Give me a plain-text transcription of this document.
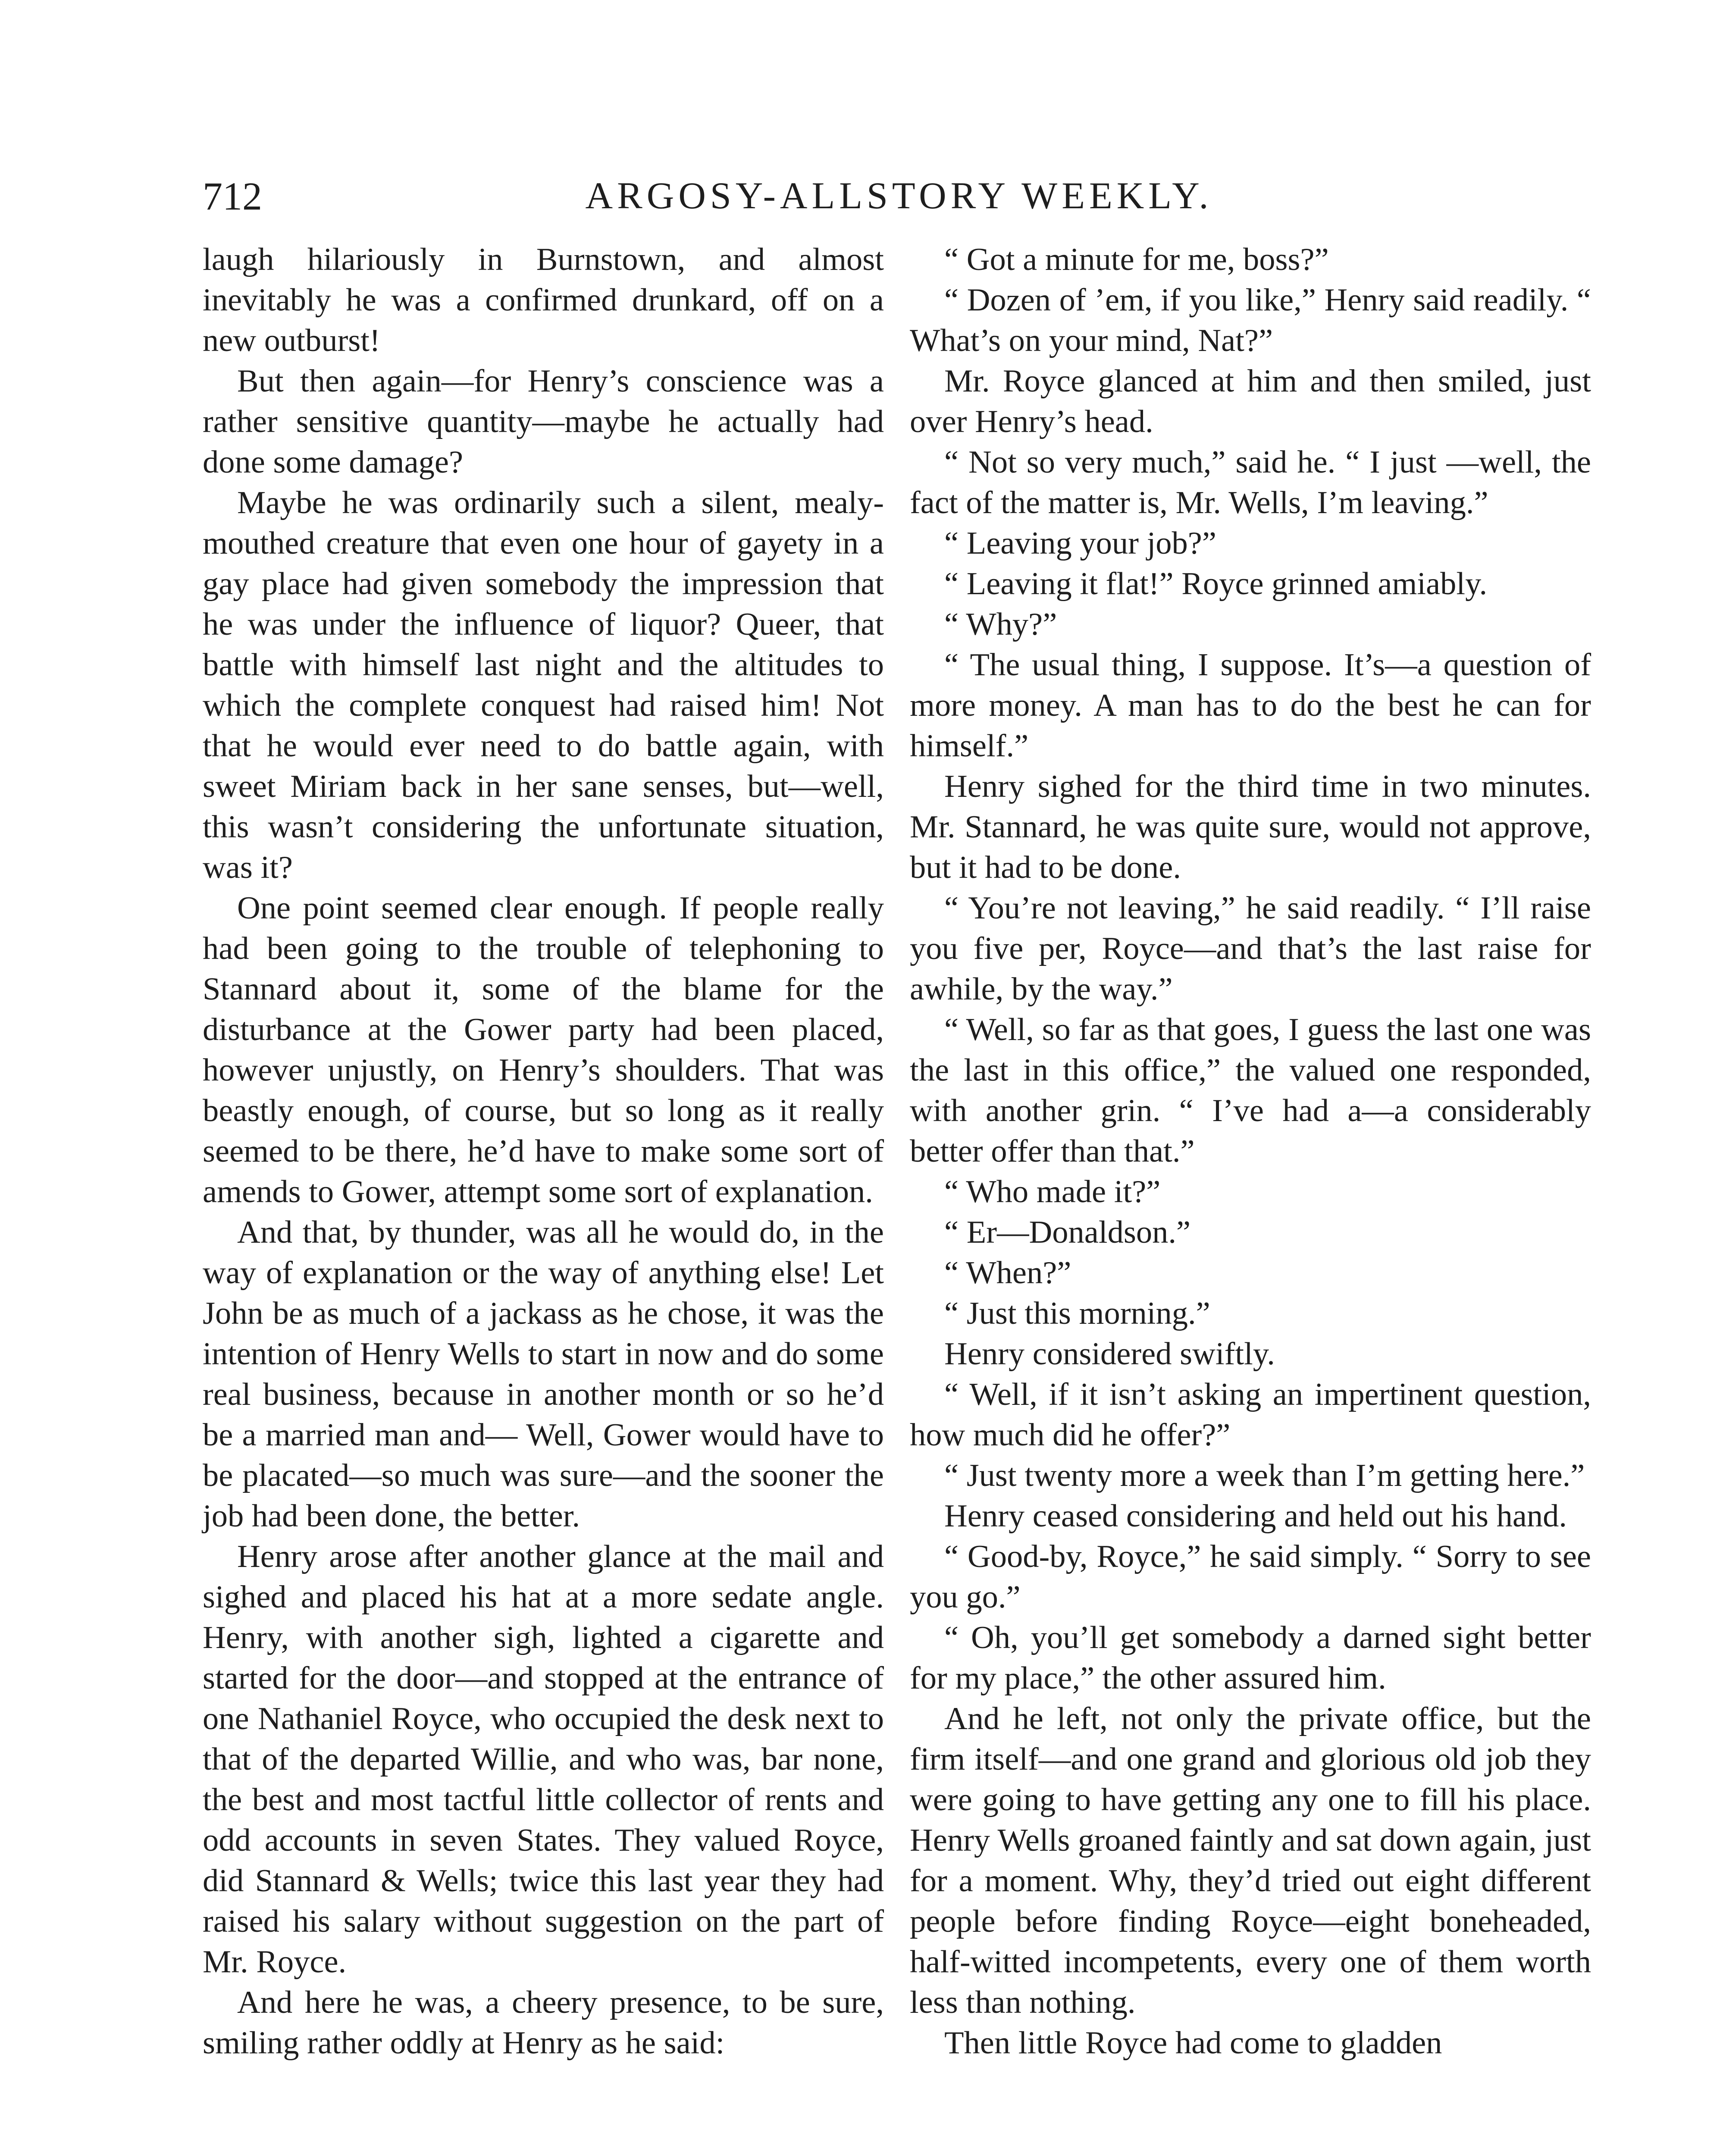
712	ARGOSY-ALLSTORY WEEKLY.

laugh hilariously in Burnstown, and almost inevitably he was a confirmed drunkard, off on a new outburst!

But then again—for Henry’s conscience was a rather sensitive quantity—maybe he actually had done some damage?

Maybe he was ordinarily such a silent, mealy-mouthed creature that even one hour of gayety in a gay place had given somebody the impression that he was under the influence of liquor? Queer, that battle with himself last night and the altitudes to which the complete conquest had raised him! Not that he would ever need to do battle again, with sweet Miriam back in her sane senses, but—well, this wasn’t considering the unfortunate situation, was it?

One point seemed clear enough. If people really had been going to the trouble of telephoning to Stannard about it, some of the blame for the disturbance at the Gower party had been placed, however unjustly, on Henry’s shoulders. That was beastly enough, of course, but so long as it really seemed to be there, he’d have to make some sort of amends to Gower, attempt some sort of explanation.

And that, by thunder, was all he would do, in the way of explanation or the way of anything else! Let John be as much of a jackass as he chose, it was the intention of Henry Wells to start in now and do some real business, because in another month or so he’d be a married man and— Well, Gower would have to be placated—so much was sure—and the sooner the job had been done, the better.

Henry arose after another glance at the mail and sighed and placed his hat at a more sedate angle. Henry, with another sigh, lighted a cigarette and started for the door—and stopped at the entrance of one Nathaniel Royce, who occupied the desk next to that of the departed Willie, and who was, bar none, the best and most tactful little collector of rents and odd accounts in seven States. They valued Royce, did Stannard & Wells; twice this last year they had raised his salary without suggestion on the part of Mr. Royce.

And here he was, a cheery presence, to be sure, smiling rather oddly at Henry as he said:

“ Got a minute for me, boss?”

“ Dozen of ’em, if you like,” Henry said readily. “ What’s on your mind, Nat?”

Mr. Royce glanced at him and then smiled, just over Henry’s head.

“ Not so very much,” said he. “ I just —well, the fact of the matter is, Mr. Wells, I’m leaving.”

“ Leaving your job?”

“ Leaving it flat!” Royce grinned amiably.

“ Why?”

“ The usual thing, I suppose. It’s—a question of more money. A man has to do the best he can for himself.”

Henry sighed for the third time in two minutes. Mr. Stannard, he was quite sure, would not approve, but it had to be done.

“ You’re not leaving,” he said readily. “ I’ll raise you five per, Royce—and that’s the last raise for awhile, by the way.”

“ Well, so far as that goes, I guess the last one was the last in this office,” the valued one responded, with another grin. “ I’ve had a—a considerably better offer than that.”

“ Who made it?”

“ Er—Donaldson.”

“ When?”

“ Just this morning.”

Henry considered swiftly.

“ Well, if it isn’t asking an impertinent question, how much did he offer?”

“ Just twenty more a week than I’m getting here.”

Henry ceased considering and held out his hand.

“ Good-by, Royce,” he said simply. “ Sorry to see you go.”

“ Oh, you’ll get somebody a darned sight better for my place,” the other assured him.

And he left, not only the private office, but the firm itself—and one grand and glorious old job they were going to have getting any one to fill his place. Henry Wells groaned faintly and sat down again, just for a moment. Why, they’d tried out eight different people before finding Royce—eight boneheaded, half-witted incompetents, every one of them worth less than nothing.

Then little Royce had come to gladden
